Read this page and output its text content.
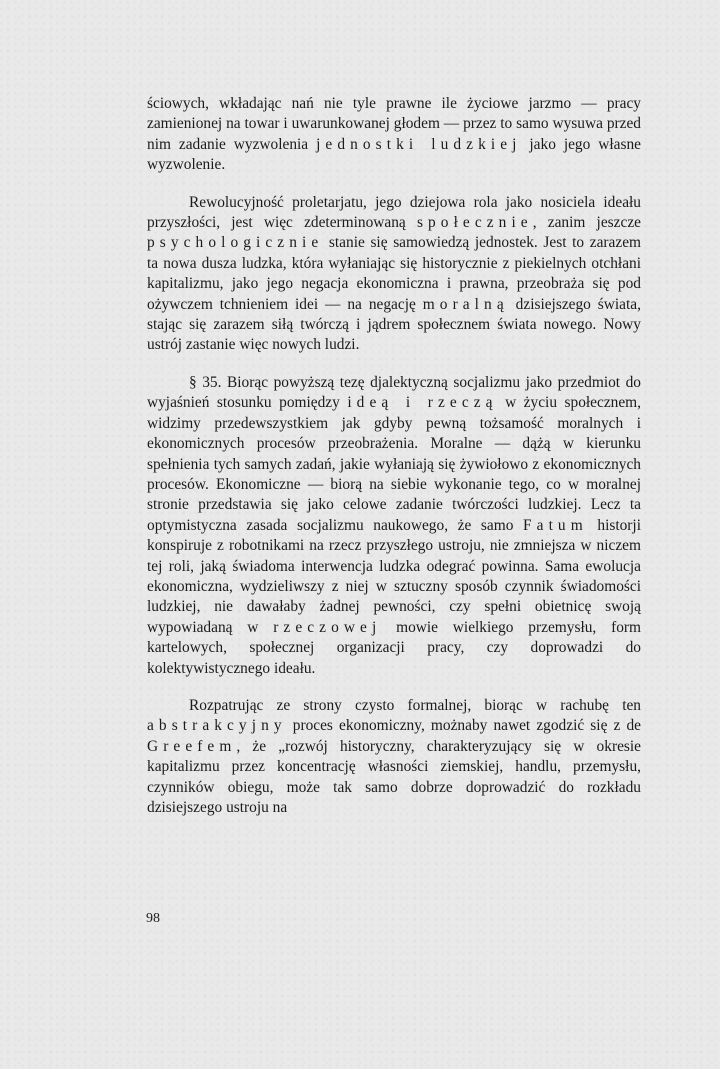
ściowych, wkładając nań nie tyle prawne ile życiowe jarzmo — pracy zamienionej na towar i uwarunkowanej głodem — przez to samo wysuwa przed nim zadanie wyzwolenia jednostki ludzkiej jako jego własne wyzwolenie.

Rewolucyjność proletarjatu, jego dziejowa rola jako nosiciela ideału przyszłości, jest więc zdeterminowaną społecznie, zanim jeszcze psychologicznie stanie się samowiedzą jednostek. Jest to zarazem ta nowa dusza ludzka, która wyłaniając się historycznie z piekielnych otchłani kapitalizmu, jako jego negacja ekonomiczna i prawna, przeobraża się pod ożywczem tchnieniem idei — na negację moralną dzisiejszego świata, stając się zarazem siłą twórczą i jądrem społecznem świata nowego. Nowy ustrój zastanie więc nowych ludzi.

§ 35. Biorąc powyższą tezę djalektyczną socjalizmu jako przedmiot do wyjaśnień stosunku pomiędzy ideą i rzeczą w życiu społecznem, widzimy przedewszystkiem jak gdyby pewną tożsamość moralnych i ekonomicznych procesów przeobrażenia. Moralne — dążą w kierunku spełnienia tych samych zadań, jakie wyłaniają się żywiołowo z ekonomicznych procesów. Ekonomiczne — biorą na siebie wykonanie tego, co w moralnej stronie przedstawia się jako celowe zadanie twórczości ludzkiej. Lecz ta optymistyczna zasada socjalizmu naukowego, że samo Fatum historji konspiruje z robotnikami na rzecz przyszłego ustroju, nie zmniejsza w niczem tej roli, jaką świadoma interwencja ludzka odegrać powinna. Sama ewolucja ekonomiczna, wydzieliwszy z niej w sztuczny sposób czynnik świadomości ludzkiej, nie dawałaby żadnej pewności, czy spełni obietnicę swoją wypowiadaną w rzeczowej mowie wielkiego przemysłu, form kartelowych, społecznej organizacji pracy, czy doprowadzi do kolektywistycznego ideału.

Rozpatrując ze strony czysto formalnej, biorąc w rachubę ten abstrakcyjny proces ekonomiczny, możnaby nawet zgodzić się z de Greefem, że „rozwój historyczny, charakteryzujący się w okresie kapitalizmu przez koncentrację własności ziemskiej, handlu, przemysłu, czynników obiegu, może tak samo dobrze doprowadzić do rozkładu dzisiejszego ustroju na

98
